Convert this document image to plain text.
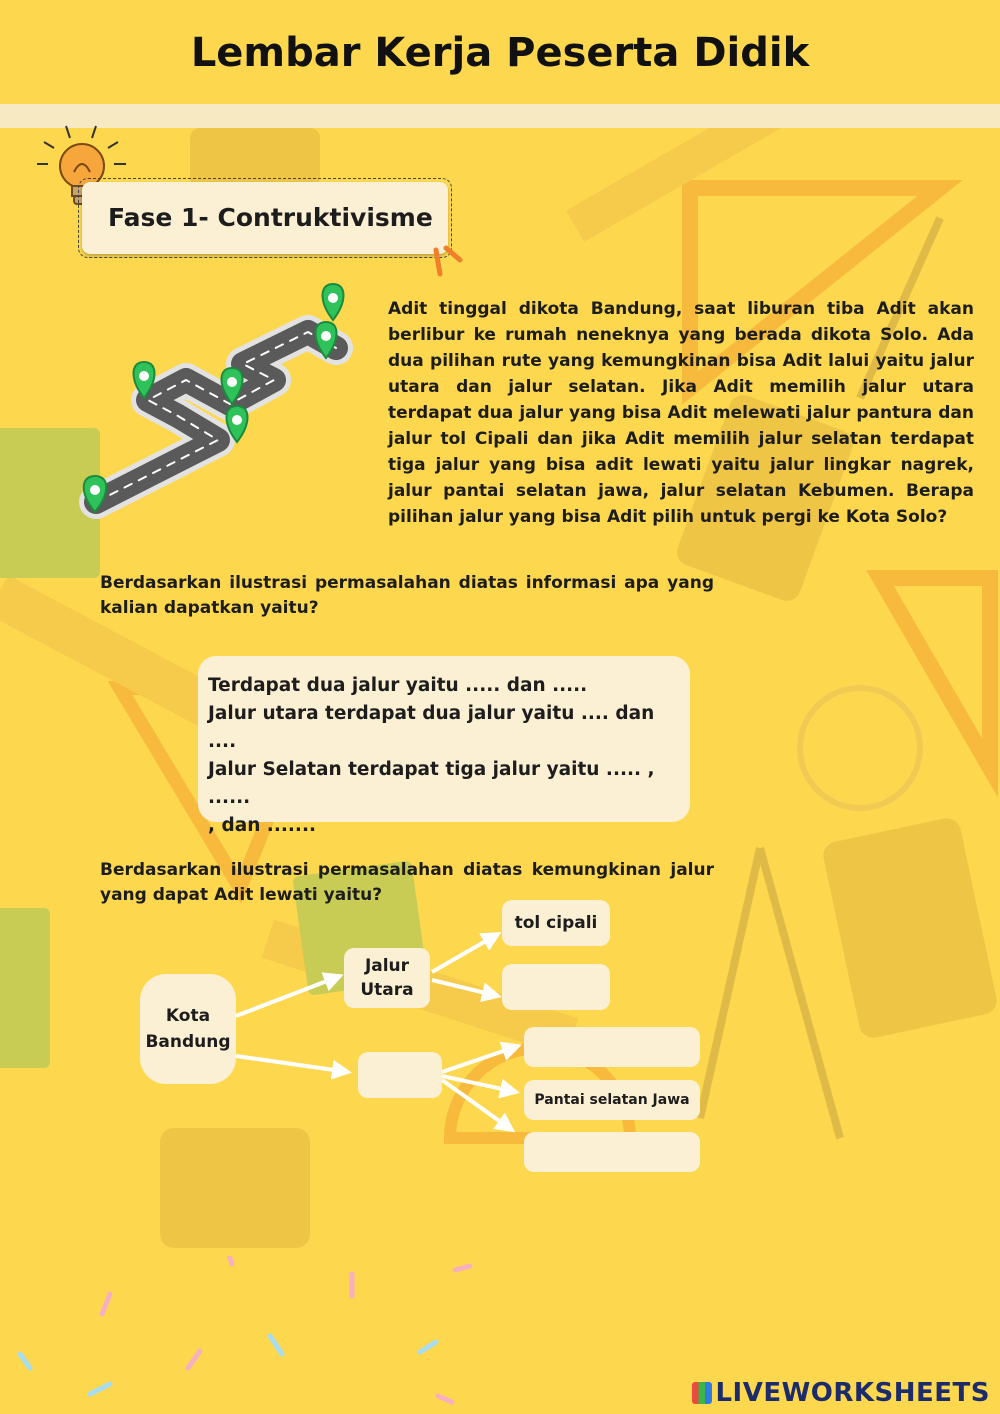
Lembar Kerja Peserta Didik
Fase 1- Contruktivisme
Adit tinggal dikota Bandung, saat liburan tiba Adit akan berlibur ke rumah neneknya yang berada dikota Solo. Ada dua pilihan rute yang kemungkinan bisa Adit lalui yaitu jalur utara dan jalur selatan. Jika Adit memilih jalur utara terdapat dua jalur yang bisa Adit melewati jalur pantura dan jalur tol Cipali dan jika Adit memilih jalur selatan terdapat tiga jalur yang bisa adit lewati yaitu jalur lingkar nagrek, jalur pantai selatan jawa, jalur selatan Kebumen. Berapa
pilihan jalur yang bisa Adit pilih untuk pergi ke Kota Solo?
Berdasarkan ilustrasi permasalahan diatas informasi apa yang kalian dapatkan yaitu?
Terdapat dua jalur yaitu ..... dan .....
Jalur utara terdapat dua jalur yaitu .... dan ....
Jalur Selatan terdapat tiga jalur yaitu ..... , ......
, dan .......
Berdasarkan ilustrasi permasalahan diatas kemungkinan jalur yang dapat Adit lewati yaitu?
Kota
Bandung
Jalur
Utara
tol cipali
Pantai selatan Jawa
LIVEWORKSHEETS
